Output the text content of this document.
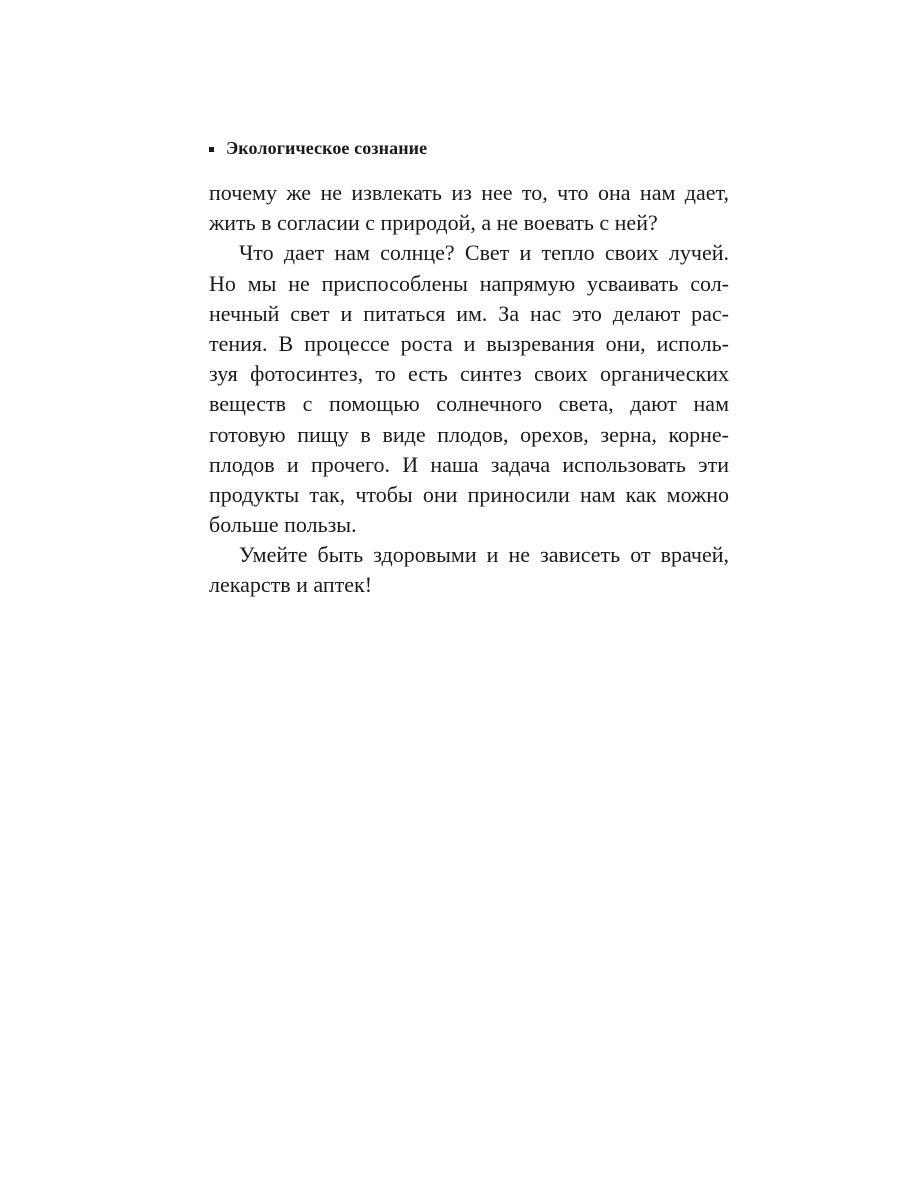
Экологическое сознание
почему же не извлекать из нее то, что она нам дает,
жить в согласии с природой, а не воевать с ней?
Что дает нам солнце? Свет и тепло своих лучей.
Но мы не приспособлены напрямую усваивать сол-
нечный свет и питаться им. За нас это делают рас-
тения. В процессе роста и вызревания они, исполь-
зуя фотосинтез, то есть синтез своих органических
веществ с помощью солнечного света, дают нам
готовую пищу в виде плодов, орехов, зерна, корне-
плодов и прочего. И наша задача использовать эти
продукты так, чтобы они приносили нам как можно
больше пользы.
Умейте быть здоровыми и не зависеть от врачей,
лекарств и аптек!
